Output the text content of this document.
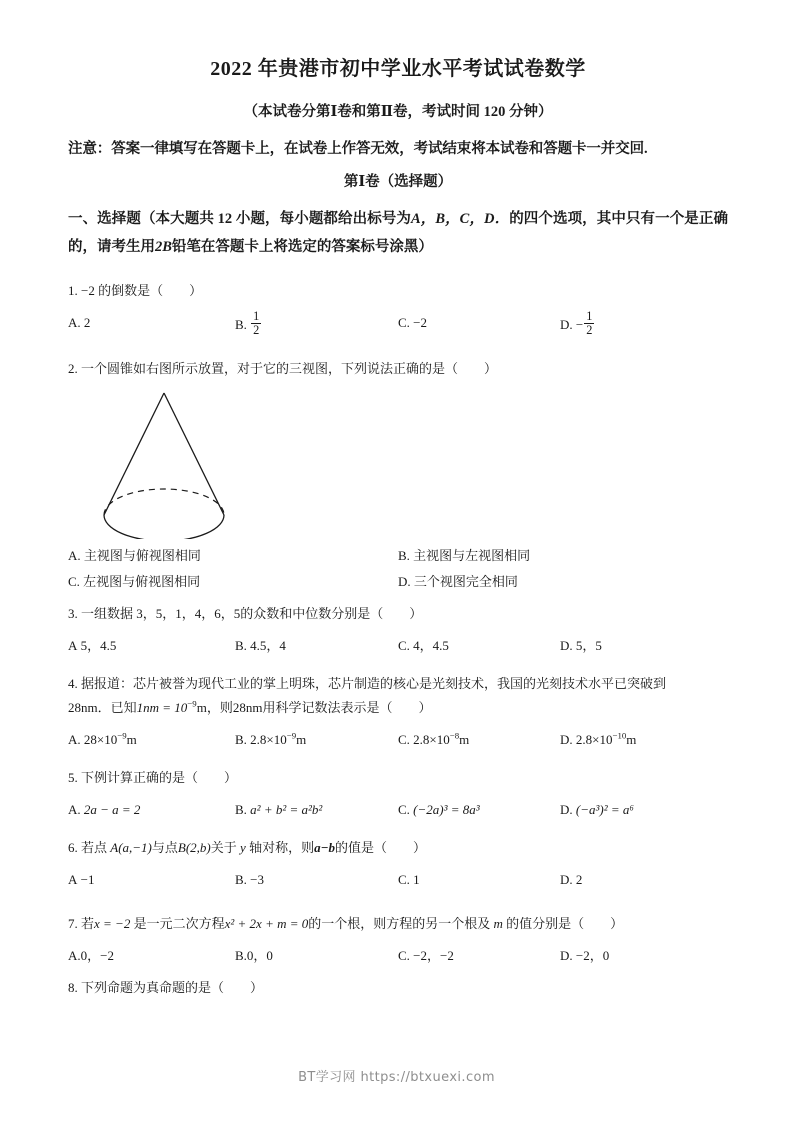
2022 年贵港市初中学业水平考试试卷数学
（本试卷分第Ⅰ卷和第Ⅱ卷，考试时间 120 分钟）
注意：答案一律填写在答题卡上，在试卷上作答无效，考试结束将本试卷和答题卡一并交回.
第Ⅰ卷（选择题）
一、选择题（本大题共 12 小题，每小题都给出标号为A，B，C，D．的四个选项，其中只有一个是正确的，请考生用2B铅笔在答题卡上将选定的答案标号涂黑）
1. −2 的倒数是（　　）
A. 2	B. $\frac{1}{2}$	C. −2	D. − $\frac{1}{2}$
2. 一个圆锥如右图所示放置，对于它的三视图，下列说法正确的是（　　）
A. 主视图与俯视图相同	B. 主视图与左视图相同
C. 左视图与俯视图相同	D. 三个视图完全相同
3. 一组数据 3，5，1，4，6，5的众数和中位数分别是（　　）
A 5，4.5	B. 4.5，4	C. 4，4.5	D. 5，5
4. 据报道：芯片被誉为现代工业的掌上明珠，芯片制造的核心是光刻技术，我国的光刻技术水平已突破到
28nm．已知$1nm = 10^{-9}m$，则28nm用科学记数法表示是（　　）
A. $28\times 10^{-9}m$	B. $2.8\times 10^{-9}m$	C. $2.8\times 10^{-8}m$	D. $2.8\times 10^{-10}m$
5. 下例计算正确的是（　　）
A. 2a − a = 2	B. a² + b² = a²b²	C. (−2a)³ = 8a³	D. (−a³)² = a⁶
6. 若点 A(a,−1)与点B(2,b)关于 y 轴对称，则a−b的值是（　　）
A −1	B. −3	C. 1	D. 2
7. 若x = −2 是一元二次方程x² + 2x + m = 0的一个根，则方程的另一个根及 m 的值分别是（　　）
A.0，−2	B.0，0	C. −2，−2	D. −2，0
8. 下列命题为真命题的是（　　）
BT学习网 https://btxuexi.com
